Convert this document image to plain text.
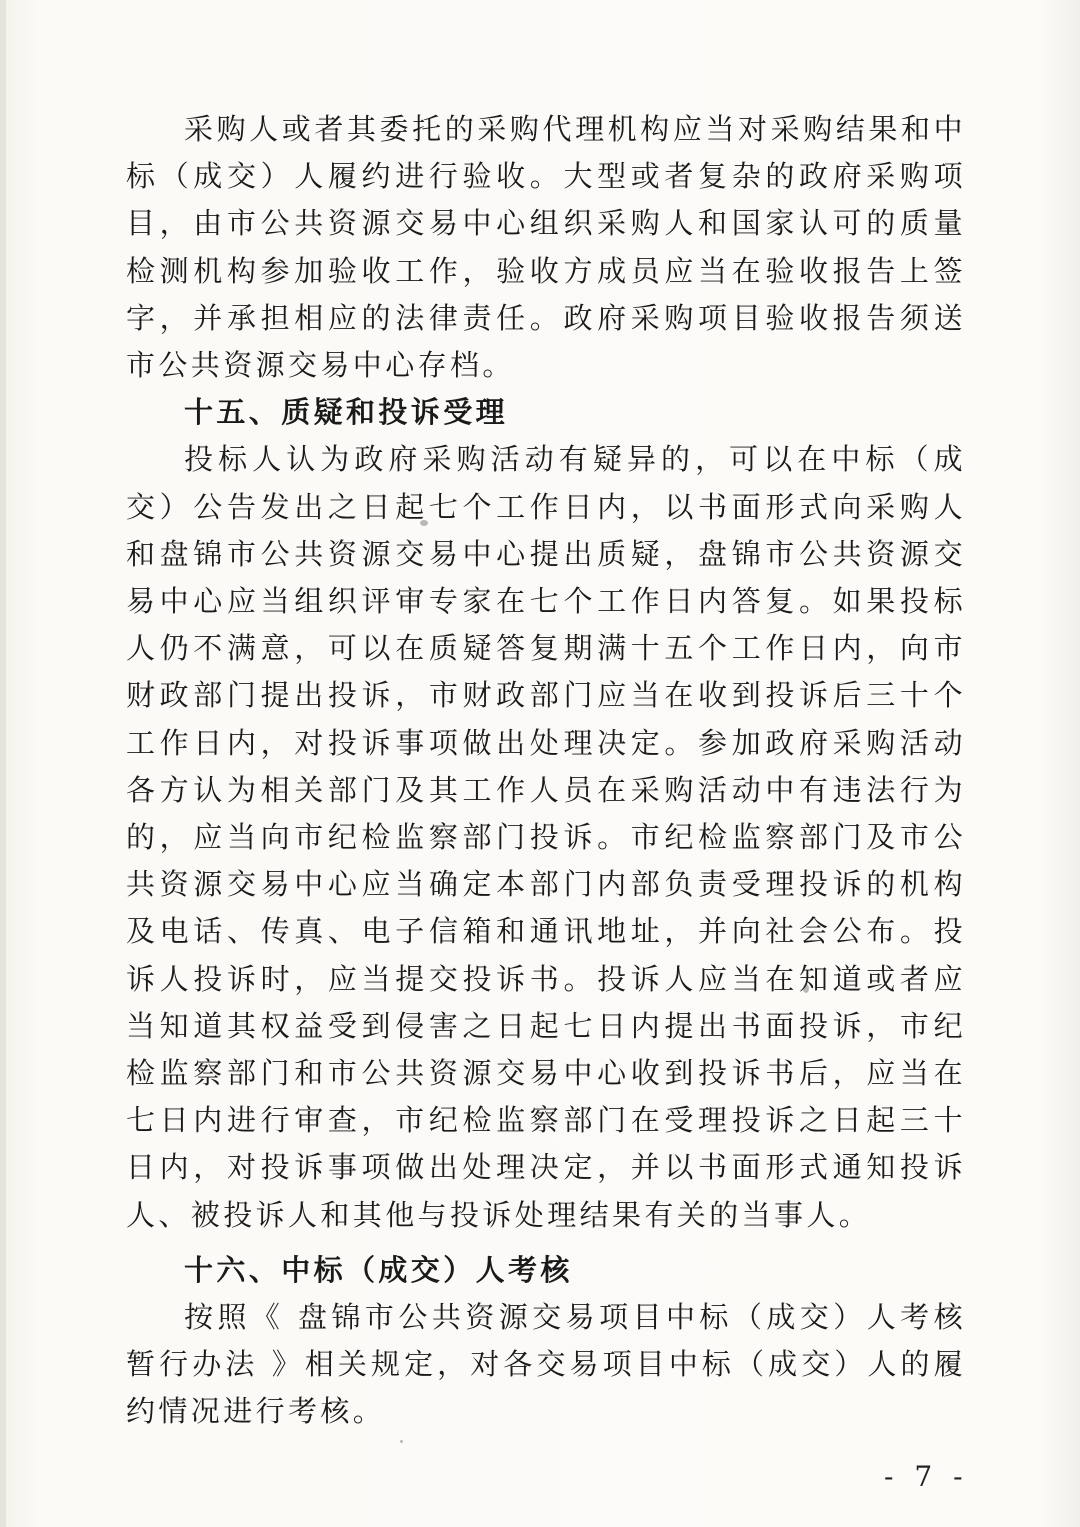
采购人或者其委托的采购代理机构应当对采购结果和中标（成交）人履约进行验收。大型或者复杂的政府采购项目，由市公共资源交易中心组织采购人和国家认可的质量检测机构参加验收工作，验收方成员应当在验收报告上签字，并承担相应的法律责任。政府采购项目验收报告须送市公共资源交易中心存档。

十五、质疑和投诉受理

投标人认为政府采购活动有疑异的，可以在中标（成交）公告发出之日起七个工作日内，以书面形式向采购人和盘锦市公共资源交易中心提出质疑，盘锦市公共资源交易中心应当组织评审专家在七个工作日内答复。如果投标人仍不满意，可以在质疑答复期满十五个工作日内，向市财政部门提出投诉，市财政部门应当在收到投诉后三十个工作日内，对投诉事项做出处理决定。参加政府采购活动各方认为相关部门及其工作人员在采购活动中有违法行为的，应当向市纪检监察部门投诉。市纪检监察部门及市公共资源交易中心应当确定本部门内部负责受理投诉的机构及电话、传真、电子信箱和通讯地址，并向社会公布。投诉人投诉时，应当提交投诉书。投诉人应当在知道或者应当知道其权益受到侵害之日起七日内提出书面投诉，市纪检监察部门和市公共资源交易中心收到投诉书后，应当在七日内进行审查，市纪检监察部门在受理投诉之日起三十日内，对投诉事项做出处理决定，并以书面形式通知投诉人、被投诉人和其他与投诉处理结果有关的当事人。

十六、中标（成交）人考核

按照《 盘锦市公共资源交易项目中标（成交）人考核暂行办法 》相关规定，对各交易项目中标（成交）人的履约情况进行考核。

- 7 -
